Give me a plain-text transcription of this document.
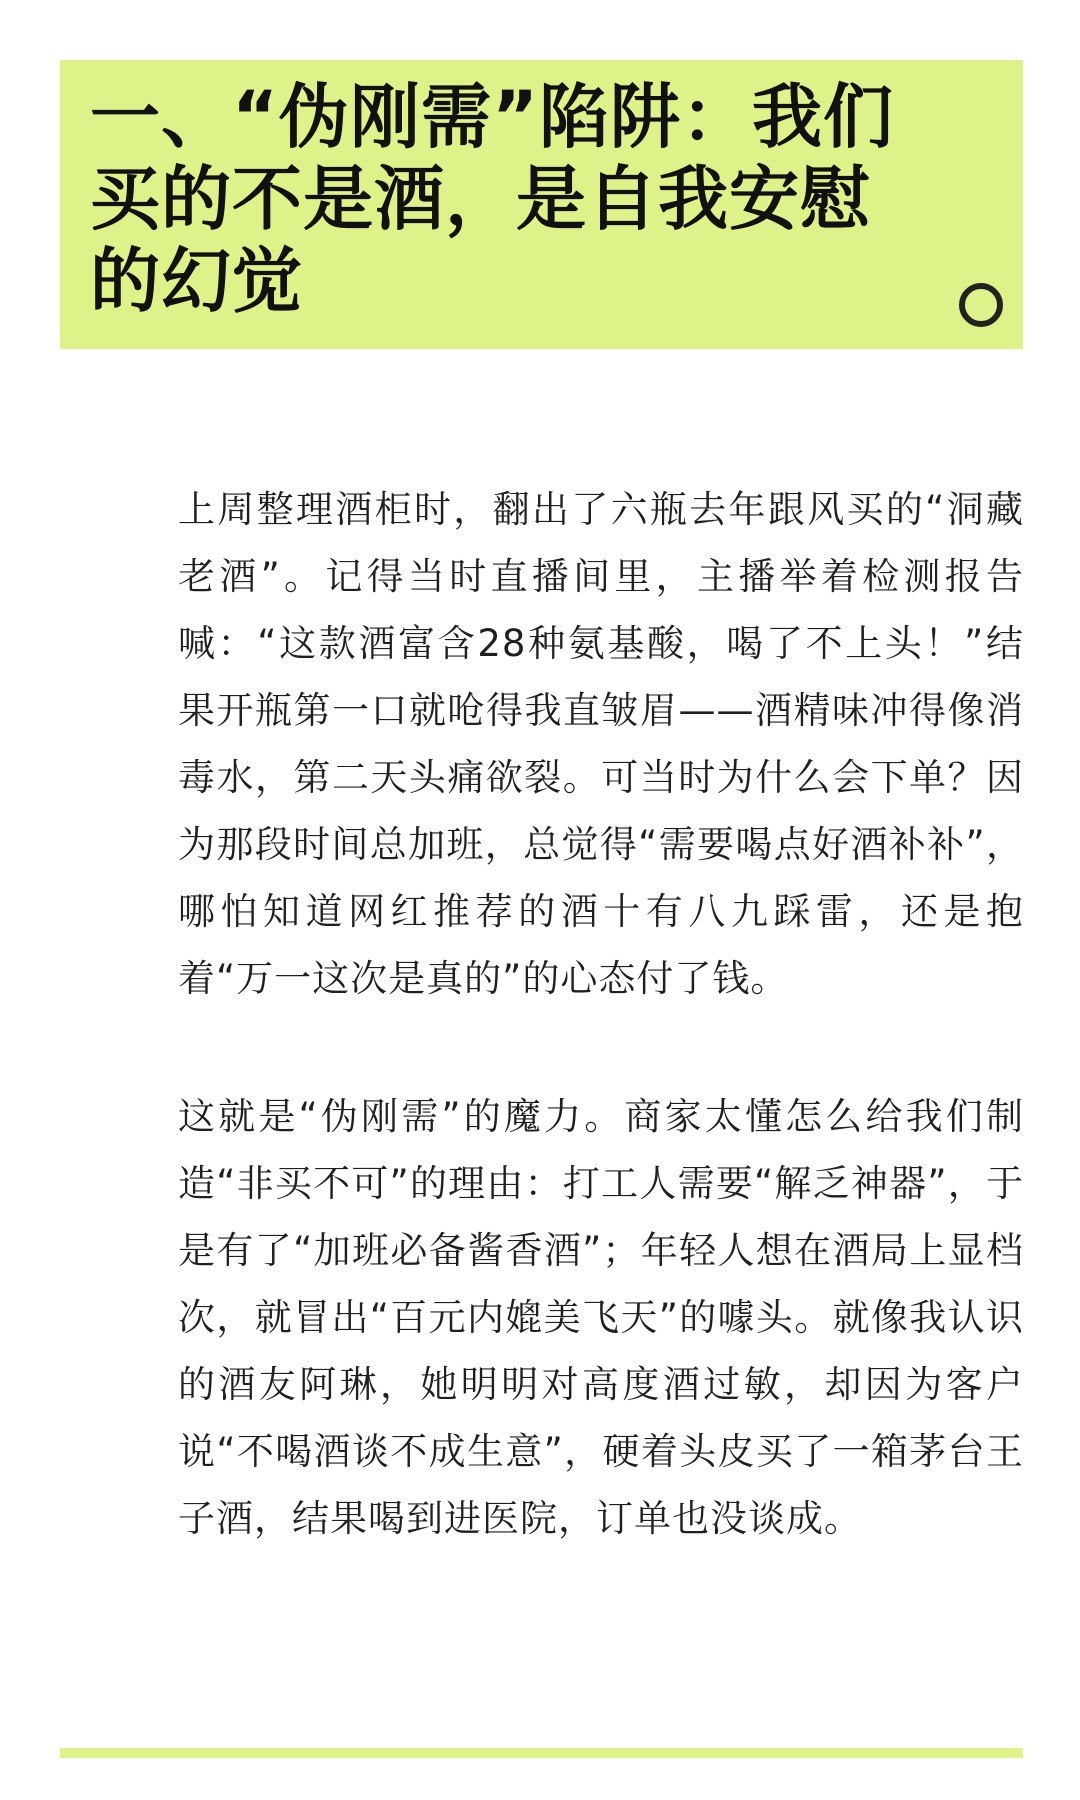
一、“伪刚需”陷阱：我们买的不是酒，是自我安慰的幻觉

上周整理酒柜时，翻出了六瓶去年跟风买的“洞藏老酒”。记得当时直播间里，主播举着检测报告喊：“这款酒富含28种氨基酸，喝了不上头！”结果开瓶第一口就呛得我直皱眉——酒精味冲得像消毒水，第二天头痛欲裂。可当时为什么会下单？因为那段时间总加班，总觉得“需要喝点好酒补补”，哪怕知道网红推荐的酒十有八九踩雷，还是抱着“万一这次是真的”的心态付了钱。

这就是“伪刚需”的魔力。商家太懂怎么给我们制造“非买不可”的理由：打工人需要“解乏神器”，于是有了“加班必备酱香酒”；年轻人想在酒局上显档次，就冒出“百元内媲美飞天”的噱头。就像我认识的酒友阿琳，她明明对高度酒过敏，却因为客户说“不喝酒谈不成生意”，硬着头皮买了一箱茅台王子酒，结果喝到进医院，订单也没谈成。
